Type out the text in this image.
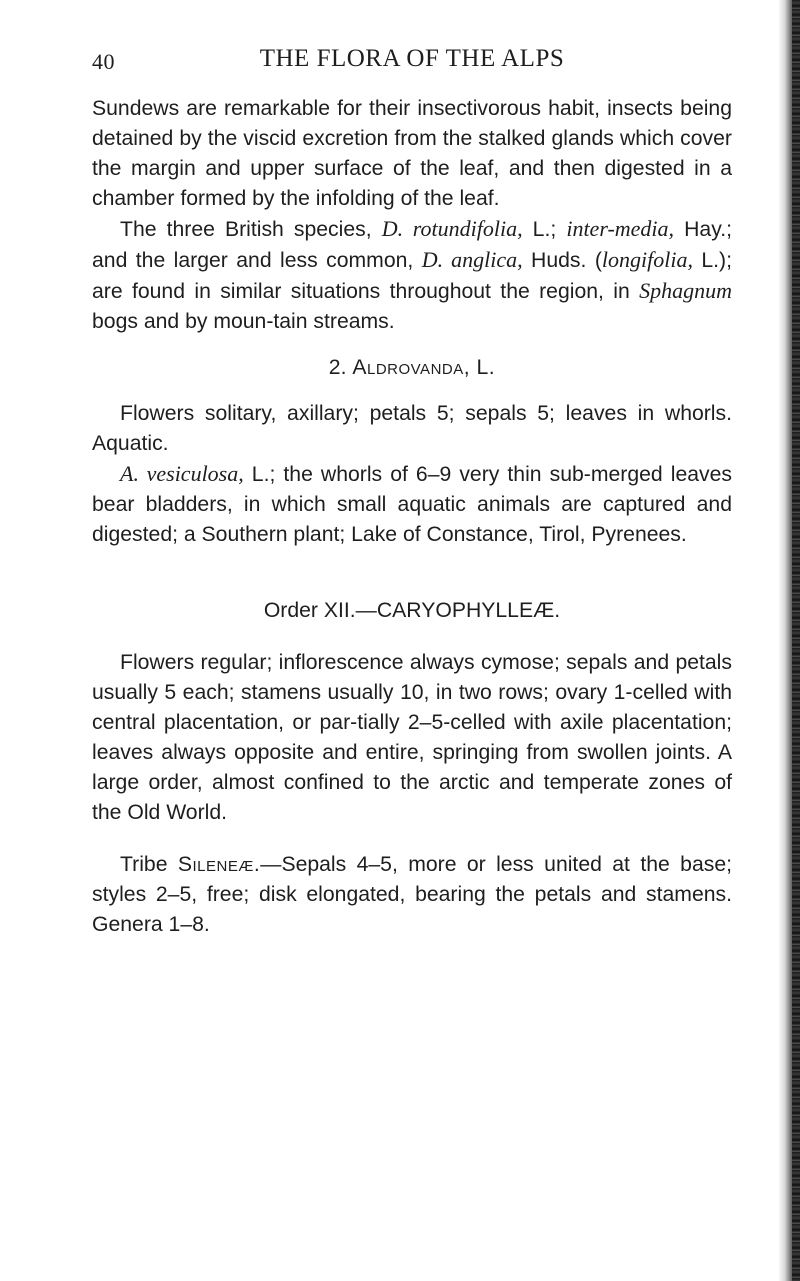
40	THE FLORA OF THE ALPS

Sundews are remarkable for their insectivorous habit, insects being detained by the viscid excretion from the stalked glands which cover the margin and upper surface of the leaf, and then digested in a chamber formed by the infolding of the leaf.

The three British species, D. rotundifolia, L.; inter-media, Hay.; and the larger and less common, D. anglica, Huds. (longifolia, L.); are found in similar situations throughout the region, in Sphagnum bogs and by moun-tain streams.

2. Aldrovanda, L.

Flowers solitary, axillary; petals 5; sepals 5; leaves in whorls. Aquatic.

A. vesiculosa, L.; the whorls of 6–9 very thin sub-merged leaves bear bladders, in which small aquatic animals are captured and digested; a Southern plant; Lake of Constance, Tirol, Pyrenees.

Order XII.—CARYOPHYLLEÆ.

Flowers regular; inflorescence always cymose; sepals and petals usually 5 each; stamens usually 10, in two rows; ovary 1-celled with central placentation, or par-tially 2–5-celled with axile placentation; leaves always opposite and entire, springing from swollen joints. A large order, almost confined to the arctic and temperate zones of the Old World.

Tribe Sileneæ.—Sepals 4–5, more or less united at the base; styles 2–5, free; disk elongated, bearing the petals and stamens. Genera 1–8.
